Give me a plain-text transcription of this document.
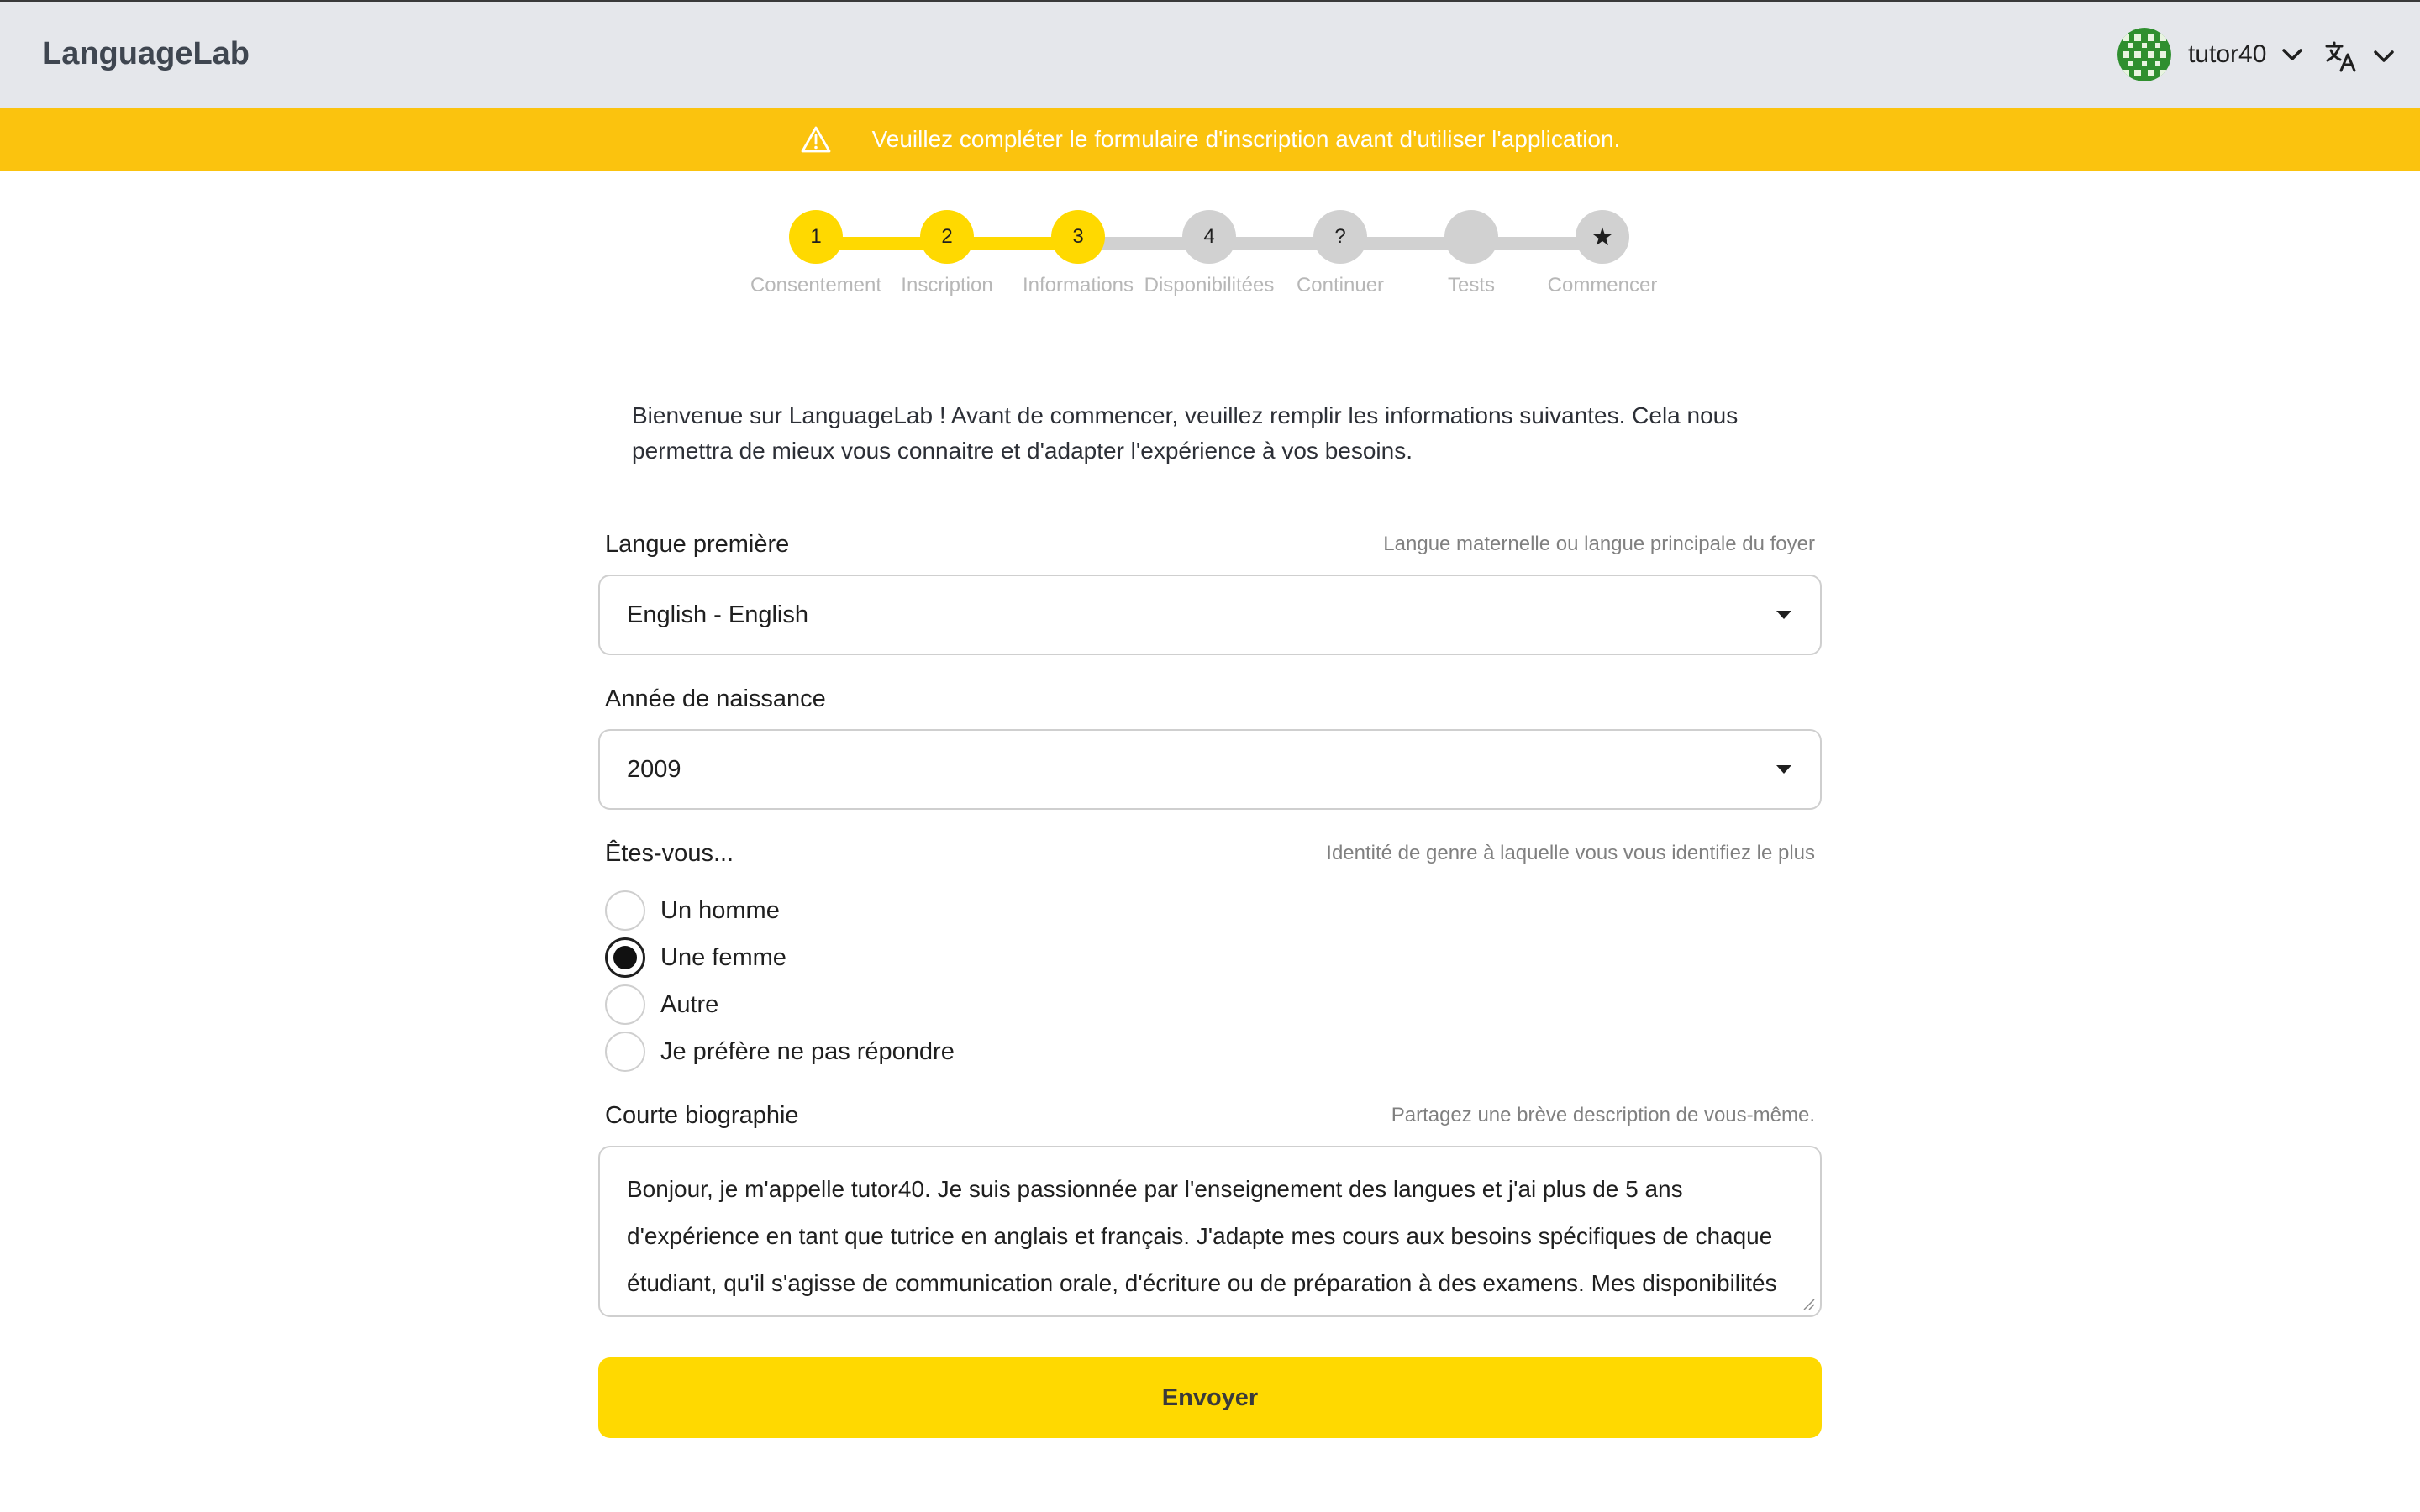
LanguageLab	tutor40
Veuillez compléter le formulaire d'inscription avant d'utiliser l'application.
1
Consentement
2
Inscription
3
Informations
4
Disponibilitées
?
Continuer	Tests
★
Commencer

Bienvenue sur LanguageLab ! Avant de commencer, veuillez remplir les informations suivantes. Cela nous permettra de mieux vous connaitre et d'adapter l'expérience à vos besoins.

Langue première	Langue maternelle ou langue principale du foyer
English - English
Année de naissance
2009
Êtes-vous...	Identité de genre à laquelle vous vous identifiez le plus
Un homme
Une femme
Autre
Je préfère ne pas répondre
Courte biographie	Partagez une brève description de vous-même.
Bonjour, je m'appelle tutor40. Je suis passionnée par l'enseignement des langues et j'ai plus de 5 ans d'expérience en tant que tutrice en anglais et français. J'adapte mes cours aux besoins spécifiques de chaque étudiant, qu'il s'agisse de communication orale, d'écriture ou de préparation à des examens. Mes disponibilités
Envoyer
